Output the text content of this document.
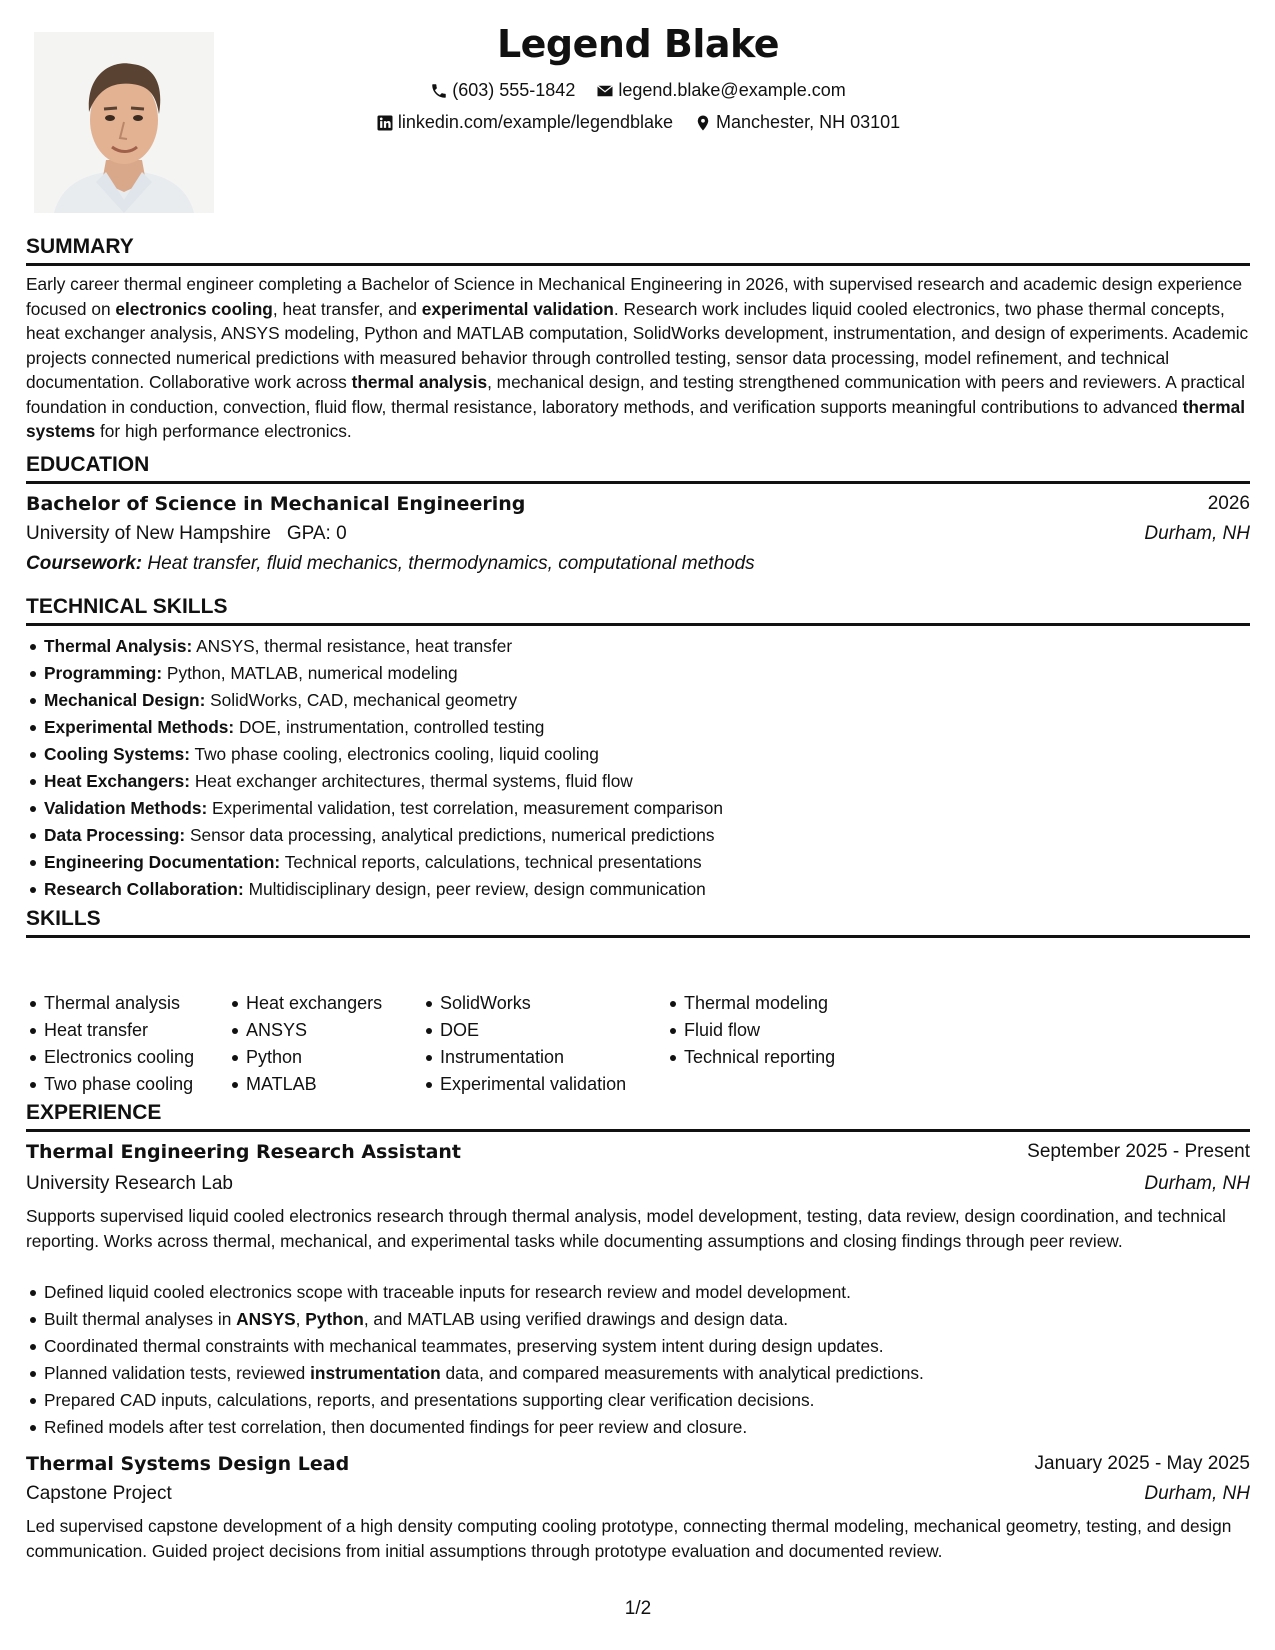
Legend Blake
(603) 555-1842
legend.blake@example.com
linkedin.com/example/legendblake
Manchester, NH 03101
SUMMARY
Early career thermal engineer completing a Bachelor of Science in Mechanical Engineering in 2026, with supervised research and academic design experience focused on electronics cooling, heat transfer, and experimental validation. Research work includes liquid cooled electronics, two phase thermal concepts, heat exchanger analysis, ANSYS modeling, Python and MATLAB computation, SolidWorks development, instrumentation, and design of experiments. Academic projects connected numerical predictions with measured behavior through controlled testing, sensor data processing, model refinement, and technical documentation. Collaborative work across thermal analysis, mechanical design, and testing strengthened communication with peers and reviewers. A practical foundation in conduction, convection, fluid flow, thermal resistance, laboratory methods, and verification supports meaningful contributions to advanced thermal systems for high performance electronics.
EDUCATION
Bachelor of Science in Mechanical Engineering	2026
University of New Hampshire GPA: 0	Durham, NH
Coursework:
Heat transfer, fluid mechanics, thermodynamics, computational methods
TECHNICAL SKILLS
Thermal Analysis: ANSYS, thermal resistance, heat transfer
Programming: Python, MATLAB, numerical modeling
Mechanical Design: SolidWorks, CAD, mechanical geometry
Experimental Methods: DOE, instrumentation, controlled testing
Cooling Systems: Two phase cooling, electronics cooling, liquid cooling
Heat Exchangers: Heat exchanger architectures, thermal systems, fluid flow
Validation Methods: Experimental validation, test correlation, measurement comparison
Data Processing: Sensor data processing, analytical predictions, numerical predictions
Engineering Documentation: Technical reports, calculations, technical presentations
Research Collaboration: Multidisciplinary design, peer review, design communication
SKILLS
Thermal analysis
Heat transfer
Electronics cooling
Two phase cooling
Heat exchangers
ANSYS
Python
MATLAB
SolidWorks
DOE
Instrumentation
Experimental validation
Thermal modeling
Fluid flow
Technical reporting
EXPERIENCE
Thermal Engineering Research Assistant	September 2025 - Present
University Research Lab	Durham, NH
Supports supervised liquid cooled electronics research through thermal analysis, model development, testing, data review, design coordination, and technical reporting. Works across thermal, mechanical, and experimental tasks while documenting assumptions and closing findings through peer review.
Defined liquid cooled electronics scope with traceable inputs for research review and model development.
Built thermal analyses in ANSYS, Python, and MATLAB using verified drawings and design data.
Coordinated thermal constraints with mechanical teammates, preserving system intent during design updates.
Planned validation tests, reviewed instrumentation data, and compared measurements with analytical predictions.
Prepared CAD inputs, calculations, reports, and presentations supporting clear verification decisions.
Refined models after test correlation, then documented findings for peer review and closure.
Thermal Systems Design Lead	January 2025 - May 2025
Capstone Project	Durham, NH
Led supervised capstone development of a high density computing cooling prototype, connecting thermal modeling, mechanical geometry, testing, and design communication. Guided project decisions from initial assumptions through prototype evaluation and documented review.
1/2
